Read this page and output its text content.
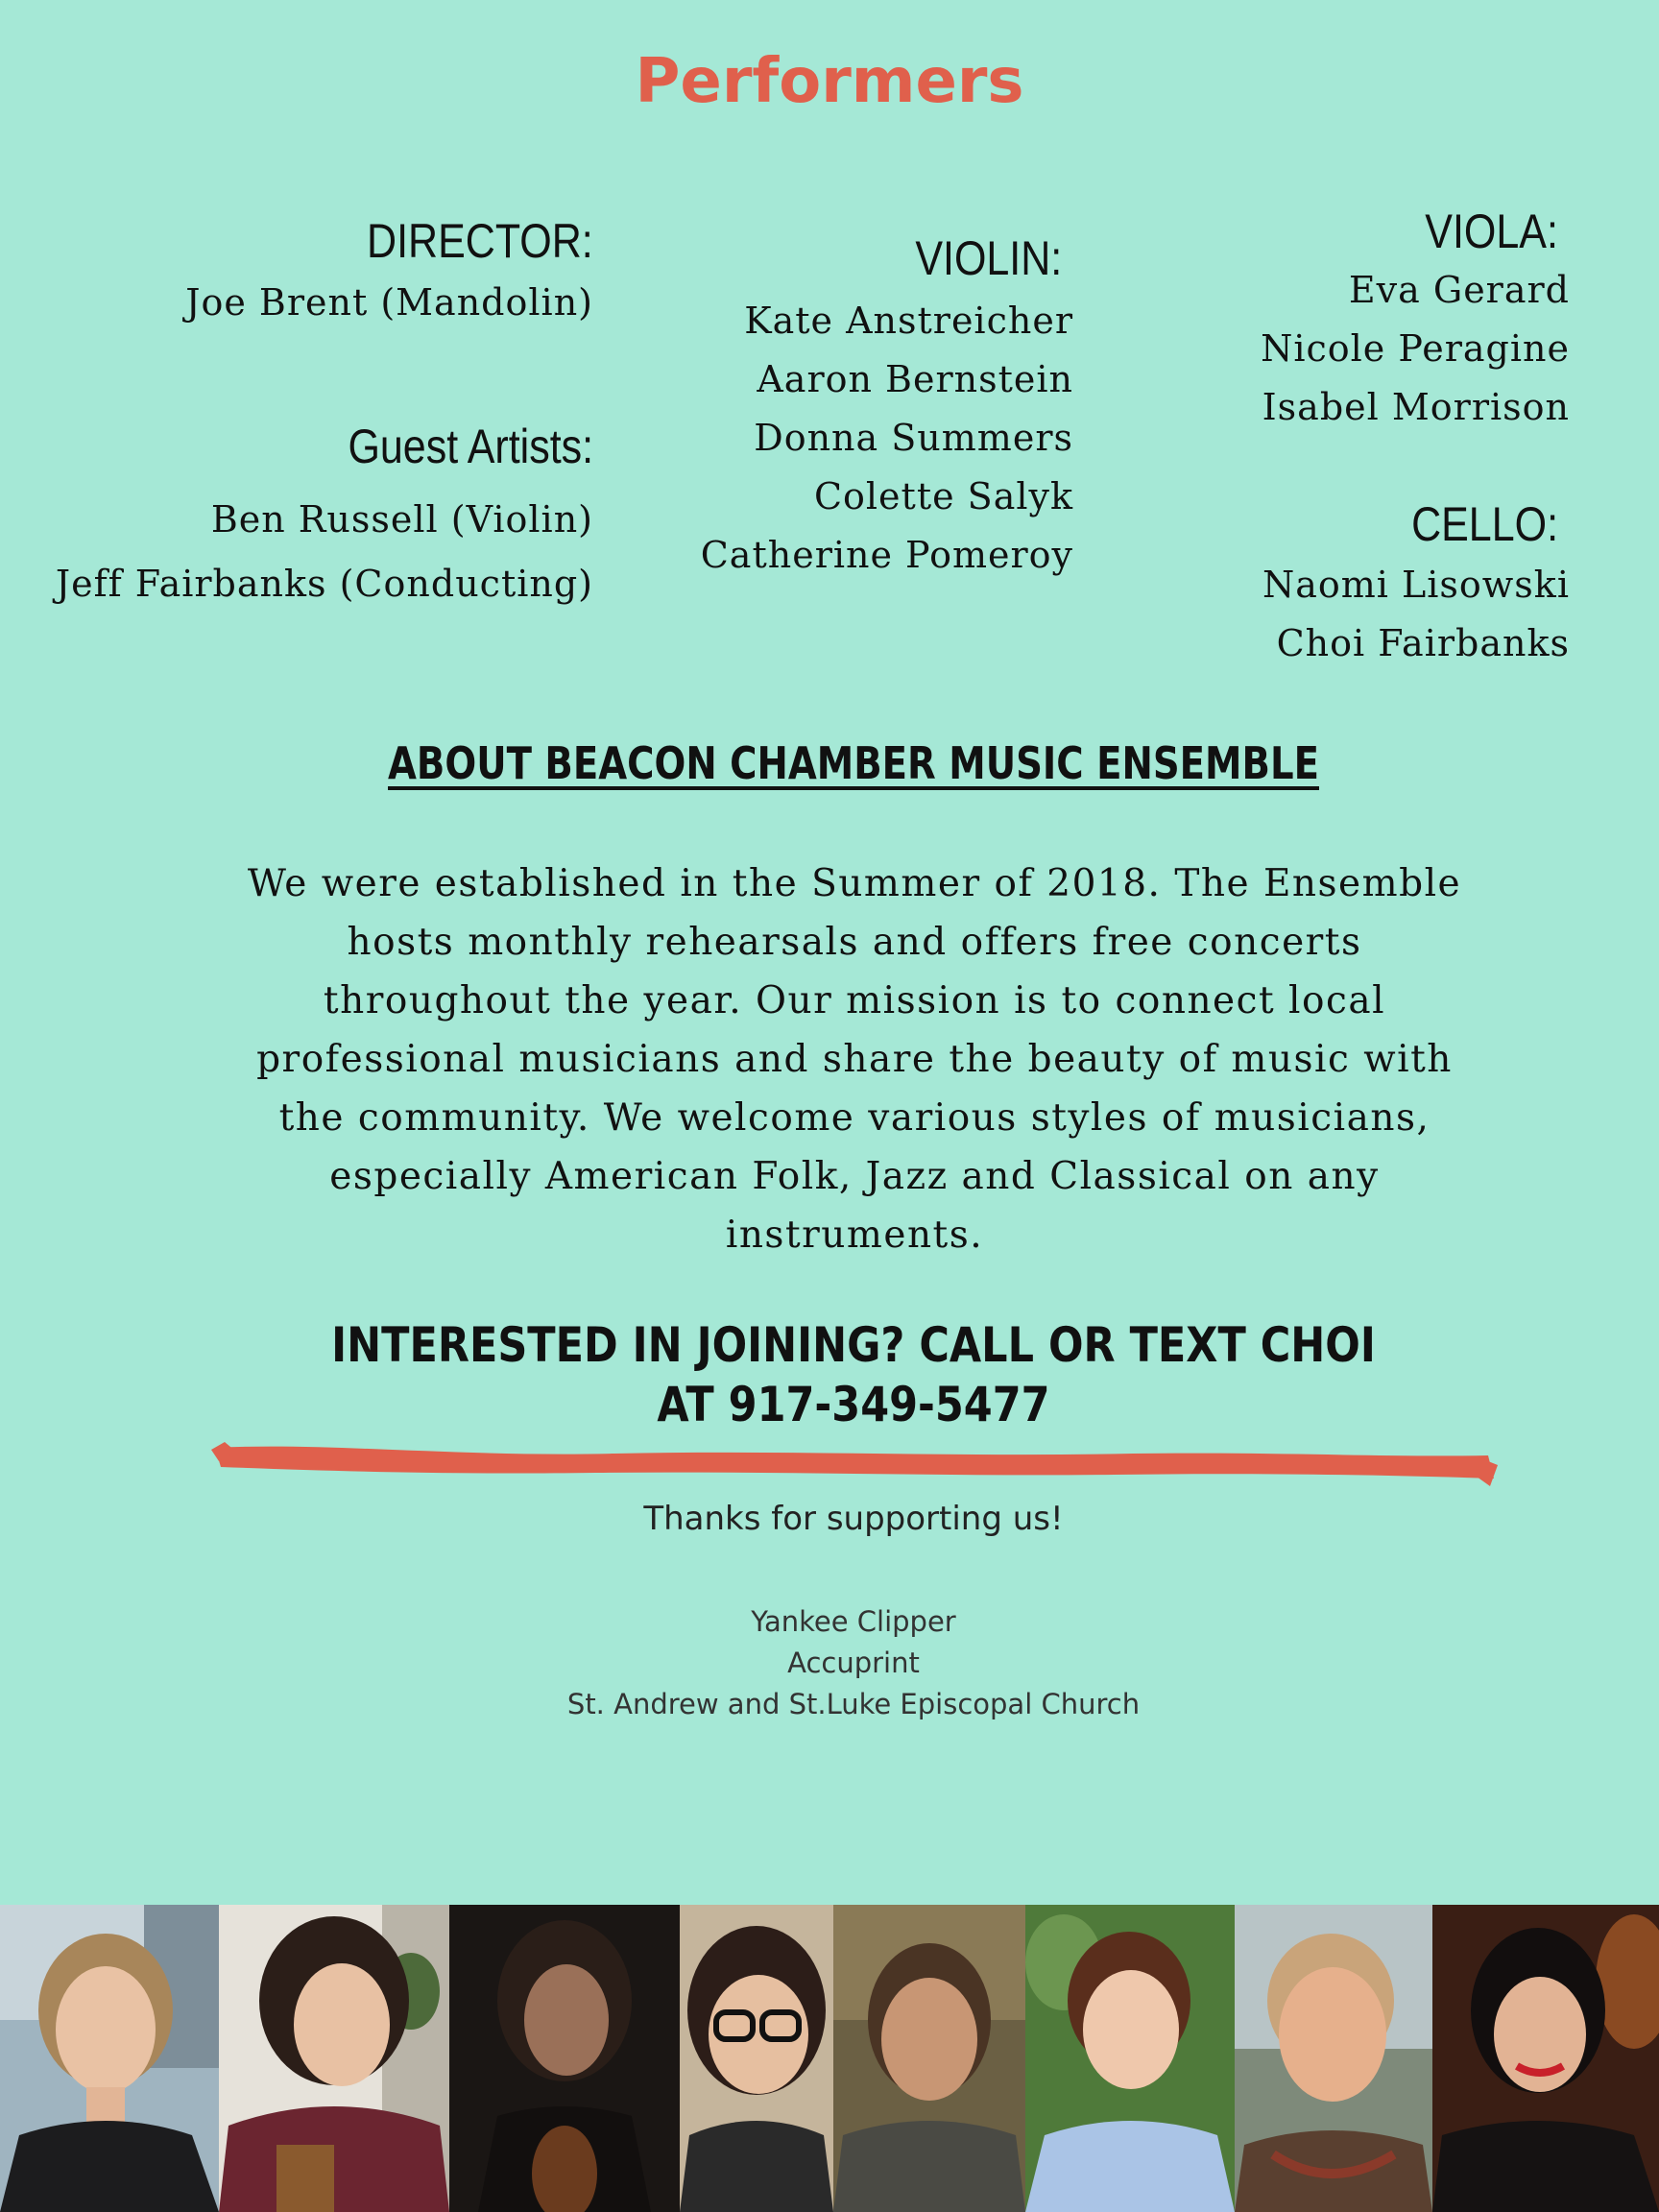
Performers
DIRECTOR:
Joe Brent (Mandolin)
Guest Artists:
Ben Russell (Violin)
Jeff Fairbanks (Conducting)
VIOLIN:
Kate Anstreicher
Aaron Bernstein
Donna Summers
Colette Salyk
Catherine Pomeroy
VIOLA:
Eva Gerard
Nicole Peragine
Isabel Morrison
CELLO:
Naomi Lisowski
Choi Fairbanks
ABOUT BEACON CHAMBER MUSIC ENSEMBLE
We were established in the Summer of 2018. The Ensemble
hosts monthly rehearsals and offers free concerts
throughout the year. Our mission is to connect local
professional musicians and share the beauty of music with
the community. We welcome various styles of musicians,
especially American Folk, Jazz and Classical on any
instruments.
INTERESTED IN JOINING? CALL OR TEXT CHOI
AT 917-349-5477
Thanks for supporting us!
Yankee Clipper
Accuprint
St. Andrew and St.Luke Episcopal Church
